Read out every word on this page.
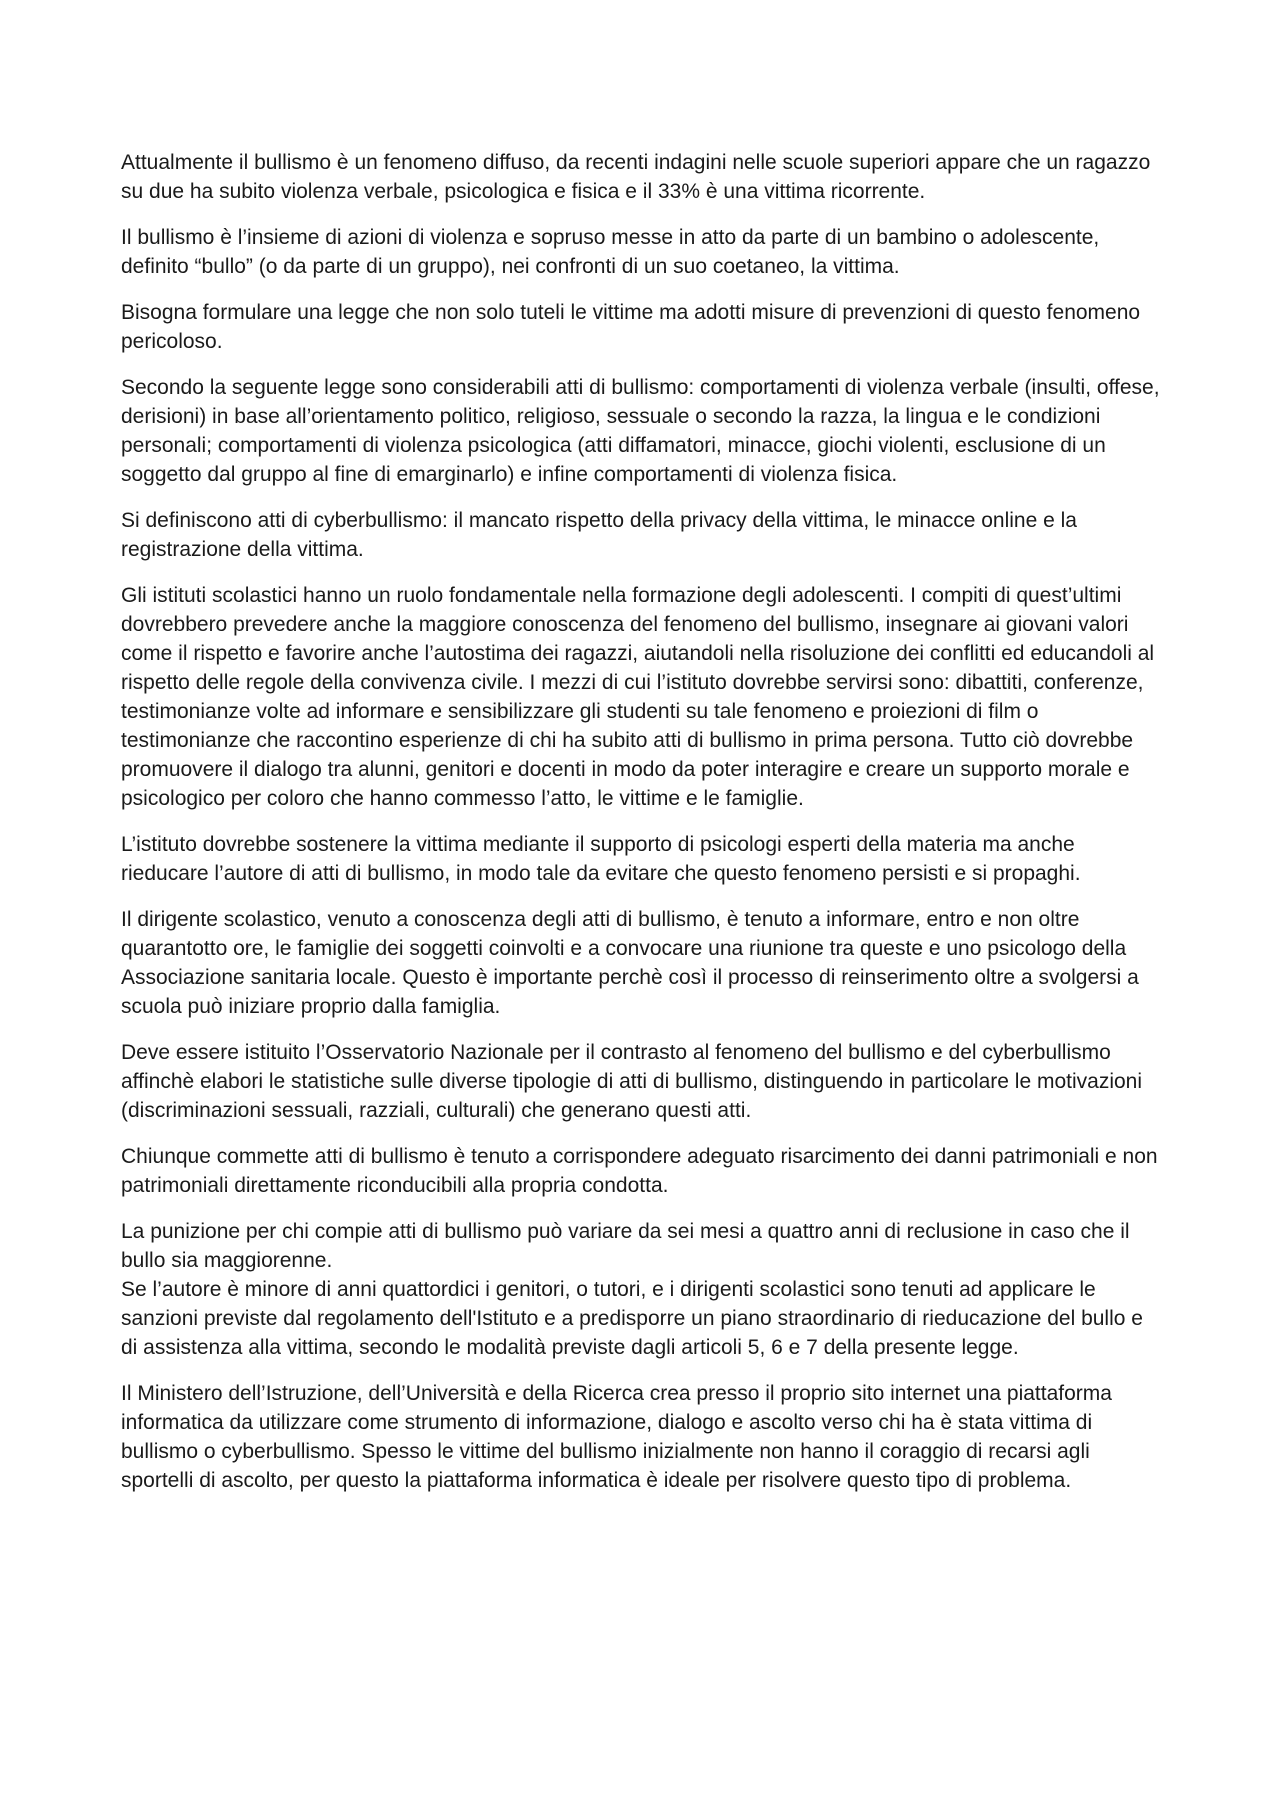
Attualmente il bullismo è un fenomeno diffuso, da recenti indagini nelle scuole superiori appare che un ragazzo su due ha subito violenza verbale, psicologica e fisica e il 33% è una vittima ricorrente.

Il bullismo è l’insieme di azioni di violenza e sopruso messe in atto da parte di un bambino o adolescente, definito “bullo” (o da parte di un gruppo), nei confronti di un suo coetaneo, la vittima.

Bisogna formulare una legge che non solo tuteli le vittime ma adotti misure di prevenzioni di questo fenomeno pericoloso.

Secondo la seguente legge sono considerabili atti di bullismo: comportamenti di violenza verbale (insulti, offese, derisioni) in base all’orientamento politico, religioso, sessuale o secondo la razza, la lingua e le condizioni personali; comportamenti di violenza psicologica (atti diffamatori, minacce, giochi violenti, esclusione di un soggetto dal gruppo al fine di emarginarlo) e infine comportamenti di violenza fisica.

Si definiscono atti di cyberbullismo: il mancato rispetto della privacy della vittima, le minacce online e la registrazione della vittima.

Gli istituti scolastici hanno un ruolo fondamentale nella formazione degli adolescenti. I compiti di quest’ultimi dovrebbero prevedere anche la maggiore conoscenza del fenomeno del bullismo, insegnare ai giovani valori come il rispetto e favorire anche l’autostima dei ragazzi, aiutandoli nella risoluzione dei conflitti ed educandoli al rispetto delle regole della convivenza civile. I mezzi di cui l’istituto dovrebbe servirsi sono: dibattiti, conferenze, testimonianze volte ad informare e sensibilizzare gli studenti su tale fenomeno e proiezioni di film o testimonianze che raccontino esperienze di chi ha subito atti di bullismo in prima persona. Tutto ciò dovrebbe promuovere il dialogo tra alunni, genitori e docenti in modo da poter interagire e creare un supporto morale e psicologico per coloro che hanno commesso l’atto, le vittime e le famiglie.

L’istituto dovrebbe sostenere la vittima mediante il supporto di psicologi esperti della materia ma anche rieducare l’autore di atti di bullismo, in modo tale da evitare che questo fenomeno persisti e si propaghi.

Il dirigente scolastico, venuto a conoscenza degli atti di bullismo, è tenuto a informare, entro e non oltre quarantotto ore, le famiglie dei soggetti coinvolti e a convocare una riunione tra queste e uno psicologo della Associazione sanitaria locale. Questo è importante perchè così il processo di reinserimento oltre a svolgersi a scuola può iniziare proprio dalla famiglia.

Deve essere istituito l’Osservatorio Nazionale per il contrasto al fenomeno del bullismo e del cyberbullismo affinchè elabori le statistiche sulle diverse tipologie di atti di bullismo, distinguendo in particolare le motivazioni (discriminazioni sessuali, razziali, culturali) che generano questi atti.

Chiunque commette atti di bullismo è tenuto a corrispondere adeguato risarcimento dei danni patrimoniali e non patrimoniali direttamente riconducibili alla propria condotta.

La punizione per chi compie atti di bullismo può variare da sei mesi a quattro anni di reclusione in caso che il bullo sia maggiorenne.
Se l’autore è minore di anni quattordici i genitori, o tutori, e i dirigenti scolastici sono tenuti ad applicare le sanzioni previste dal regolamento dell'Istituto e a predisporre un piano straordinario di rieducazione del bullo e di assistenza alla vittima, secondo le modalità previste dagli articoli 5, 6 e 7 della presente legge.

Il Ministero dell’Istruzione, dell’Università e della Ricerca crea presso il proprio sito internet una piattaforma informatica da utilizzare come strumento di informazione, dialogo e ascolto verso chi ha è stata vittima di bullismo o cyberbullismo. Spesso le vittime del bullismo inizialmente non hanno il coraggio di recarsi agli sportelli di ascolto, per questo la piattaforma informatica è ideale per risolvere questo tipo di problema.
